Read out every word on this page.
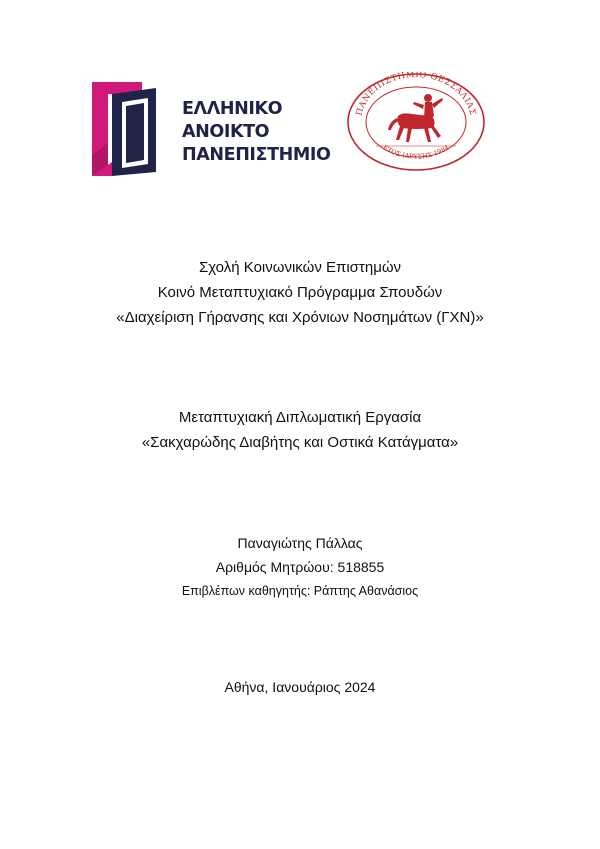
ΕΛΛΗΝΙΚΟ
ΑΝΟΙΚΤΟ
ΠΑΝΕΠΙΣΤΗΜΙΟ
ΠΑΝΕΠΙΣΤΗΜΙΟ ΘΕΣΣΑΛΙΑΣ
ΕΤΟΣ ΙΔΡΥΣΗΣ 1984
Σχολή Κοινωνικών Επιστημών
Κοινό Μεταπτυχιακό Πρόγραμμα Σπουδών
«Διαχείριση Γήρανσης και Χρόνιων Νοσημάτων (ΓΧΝ)»
Μεταπτυχιακή Διπλωματική Εργασία
«Σακχαρώδης Διαβήτης και Οστικά Κατάγματα»
Παναγιώτης Πάλλας
Αριθμός Μητρώου: 518855
Επιβλέπων καθηγητής: Ράπτης Αθανάσιος
Αθήνα, Ιανουάριος 2024
